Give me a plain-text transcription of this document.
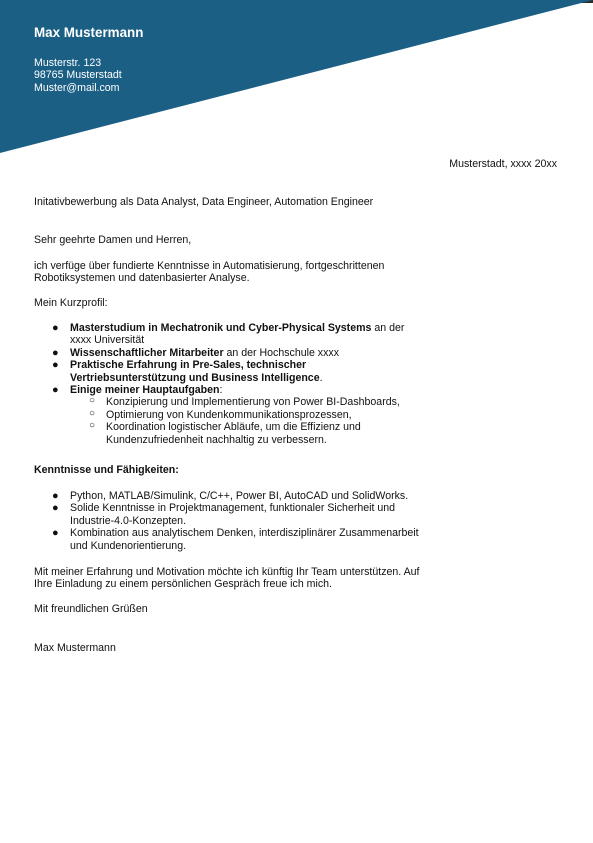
Max Mustermann
Musterstr. 123
98765 Musterstadt
Muster@mail.com
Musterstadt, xxxx 20xx
Initativbewerbung als Data Analyst, Data Engineer, Automation Engineer
Sehr geehrte Damen und Herren,
ich verfüge über fundierte Kenntnisse in Automatisierung, fortgeschrittenen
Robotiksystemen und datenbasierter Analyse.
Mein Kurzprofil:
● Masterstudium in Mechatronik und Cyber-Physical Systems an der
xxxx Universität
● Wissenschaftlicher Mitarbeiter an der Hochschule xxxx
● Praktische Erfahrung in Pre-Sales, technischer
Vertriebsunterstützung und Business Intelligence.
● Einige meiner Hauptaufgaben:
○ Konzipierung und Implementierung von Power BI-Dashboards,
○ Optimierung von Kundenkommunikationsprozessen,
○ Koordination logistischer Abläufe, um die Effizienz und
Kundenzufriedenheit nachhaltig zu verbessern.
Kenntnisse und Fähigkeiten:
● Python, MATLAB/Simulink, C/C++, Power BI, AutoCAD und SolidWorks.
● Solide Kenntnisse in Projektmanagement, funktionaler Sicherheit und
Industrie-4.0-Konzepten.
● Kombination aus analytischem Denken, interdisziplinärer Zusammenarbeit
und Kundenorientierung.
Mit meiner Erfahrung und Motivation möchte ich künftig Ihr Team unterstützen. Auf
Ihre Einladung zu einem persönlichen Gespräch freue ich mich.
Mit freundlichen Grüßen
Max Mustermann
